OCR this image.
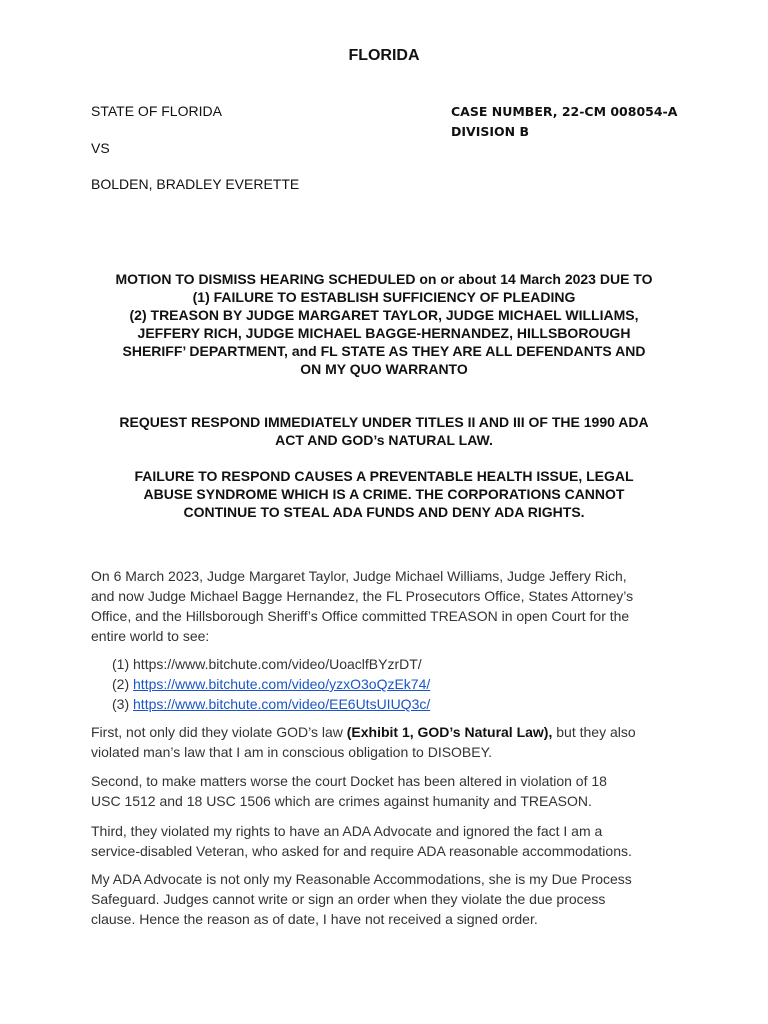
FLORIDA
STATE OF FLORIDA
VS
BOLDEN, BRADLEY EVERETTE
CASE NUMBER, 22-CM 008054-A
DIVISION B
MOTION TO DISMISS HEARING SCHEDULED on or about 14 March 2023 DUE TO
(1) FAILURE TO ESTABLISH SUFFICIENCY OF PLEADING
(2) TREASON BY JUDGE MARGARET TAYLOR, JUDGE MICHAEL WILLIAMS,
JEFFERY RICH, JUDGE MICHAEL BAGGE-HERNANDEZ, HILLSBOROUGH
SHERIFF’ DEPARTMENT, and FL STATE AS THEY ARE ALL DEFENDANTS AND
ON MY QUO WARRANTO
REQUEST RESPOND IMMEDIATELY UNDER TITLES II AND III OF THE 1990 ADA
ACT AND GOD’s NATURAL LAW.
FAILURE TO RESPOND CAUSES A PREVENTABLE HEALTH ISSUE, LEGAL
ABUSE SYNDROME WHICH IS A CRIME. THE CORPORATIONS CANNOT
CONTINUE TO STEAL ADA FUNDS AND DENY ADA RIGHTS.
On 6 March 2023, Judge Margaret Taylor, Judge Michael Williams, Judge Jeffery Rich,
and now Judge Michael Bagge Hernandez, the FL Prosecutors Office, States Attorney’s
Office, and the Hillsborough Sheriff’s Office committed TREASON in open Court for the
entire world to see:
(1) https://www.bitchute.com/video/UoaclfBYzrDT/
(2) https://www.bitchute.com/video/yzxO3oQzEk74/
(3) https://www.bitchute.com/video/EE6UtsUIUQ3c/
First, not only did they violate GOD’s law (Exhibit 1, GOD’s Natural Law), but they also
violated man’s law that I am in conscious obligation to DISOBEY.
Second, to make matters worse the court Docket has been altered in violation of 18
USC 1512 and 18 USC 1506 which are crimes against humanity and TREASON.
Third, they violated my rights to have an ADA Advocate and ignored the fact I am a
service-disabled Veteran, who asked for and require ADA reasonable accommodations.
My ADA Advocate is not only my Reasonable Accommodations, she is my Due Process
Safeguard. Judges cannot write or sign an order when they violate the due process
clause. Hence the reason as of date, I have not received a signed order.
